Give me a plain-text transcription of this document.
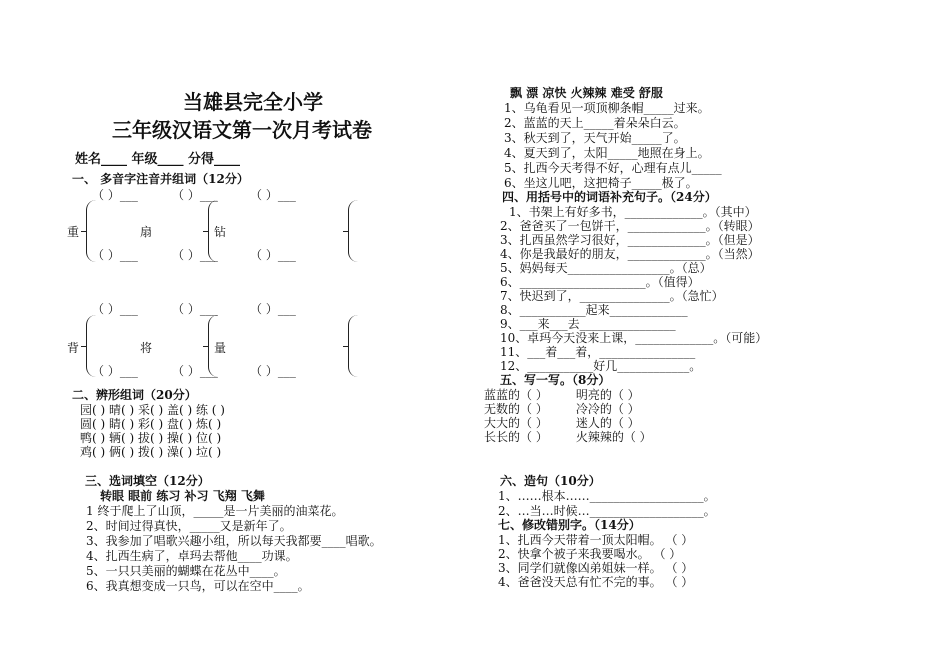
当雄县完全小学
三年级汉语文第一次月考试卷
姓名____ 年级____ 分得____
一、 多音字注音并组词（12分）
（ ）___	（ ）___	（ ）___
重	扇	钻
（ ）___	（ ）___	（ ）___
（ ）___	（ ）___	（ ）___
背	将	量
（ ）___	（ ）___	（ ）___
二、辨形组词（20分）
园( ) 晴( ) 采( ) 盖( ) 练 ( )
圆( ) 睛( ) 彩( ) 盘( ) 炼( )
鸭( ) 辆( ) 拔( ) 操( ) 位( )
鸡( ) 俩( ) 拨( ) 澡( ) 垃( )
三、选词填空（12分）
转眼 眼前 练习 补习 飞翔 飞舞
1 终于爬上了山顶，_____是一片美丽的油菜花。
2、时间过得真快，_____又是新年了。
3、我参加了唱歌兴趣小组，所以每天我都要____唱歌。
4、扎西生病了，卓玛去帮他____功课。
5、一只只美丽的蝴蝶在花丛中____。
6、我真想变成一只鸟，可以在空中____。
飘 漂 凉快 火辣辣 难受 舒服
1、乌龟看见一项顶柳条帽_____过来。
2、蓝蓝的天上_____着朵朵白云。
3、秋天到了，天气开始_____了。
4、夏天到了，太阳_____地照在身上。
5、扎西今天考得不好，心理有点儿_____
6、坐这儿吧，这把椅子_____极了。
四、用括号中的词语补充句子。（24分）
1、书架上有好多书，_____________。（其中）
2、爸爸买了一包饼干，_____________。（转眼）
3、扎西虽然学习很好，_____________。（但是）
4、你是我最好的朋友，_____________。（当然）
5、妈妈每天_________________。（总）
6、_____________________。（值得）
7、快迟到了，_______________。（急忙）
8、___________起来_____________
9、___来___去________________
10、卓玛今天没来上课，_____________。（可能）
11、___着___着，________________
12、___________好几____________。
五、写一写。（8分）
蓝蓝的（ ） 明亮的（ ）
无数的（ ） 冷冷的（ ）
大大的（ ） 迷人的（ ）
长长的（ ） 火辣辣的（ ）
六、造句（10分）
1、……根本……___________________。
2、…当…时候…___________________。
七、修改错别字。（14分）
1、扎西今天带着一顶太阳帽。 （ ）
2、快拿个被子来我要喝水。 （ ）
3、同学们就像凶弟姐妹一样。 （ ）
4、爸爸没天总有忙不完的事。 （ ）
